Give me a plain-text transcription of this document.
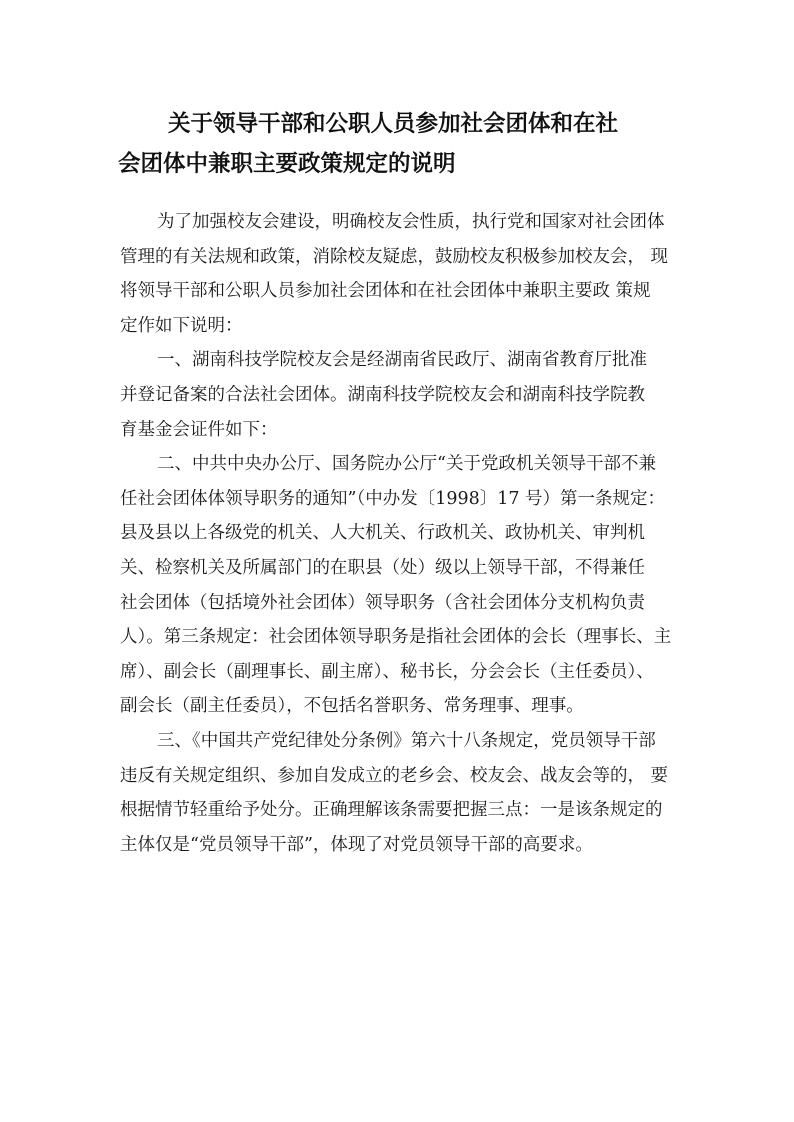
关于领导干部和公职人员参加社会团体和在社
会团体中兼职主要政策规定的说明
为了加强校友会建设，明确校友会性质，执行党和国家对社会团体
管理的有关法规和政策，消除校友疑虑，鼓励校友积极参加校友会， 现
将领导干部和公职人员参加社会团体和在社会团体中兼职主要政 策规
定作如下说明：
一、湖南科技学院校友会是经湖南省民政厅、湖南省教育厅批准
并登记备案的合法社会团体。湖南科技学院校友会和湖南科技学院教
育基金会证件如下：
二、中共中央办公厅、国务院办公厅“关于党政机关领导干部不兼
任社会团体体领导职务的通知”（中办发〔1998〕17 号）第一条规定：
县及县以上各级党的机关、人大机关、行政机关、政协机关、审判机
关、检察机关及所属部门的在职县（处）级以上领导干部，不得兼任
社会团体（包括境外社会团体）领导职务（含社会团体分支机构负责
人）。第三条规定：社会团体领导职务是指社会团体的会长（理事长、主
席）、副会长（副理事长、副主席）、秘书长，分会会长（主任委员）、
副会长（副主任委员），不包括名誉职务、常务理事、理事。
三、《中国共产党纪律处分条例》第六十八条规定，党员领导干部
违反有关规定组织、参加自发成立的老乡会、校友会、战友会等的， 要
根据情节轻重给予处分。正确理解该条需要把握三点：一是该条规定的
主体仅是“党员领导干部”，体现了对党员领导干部的高要求。
